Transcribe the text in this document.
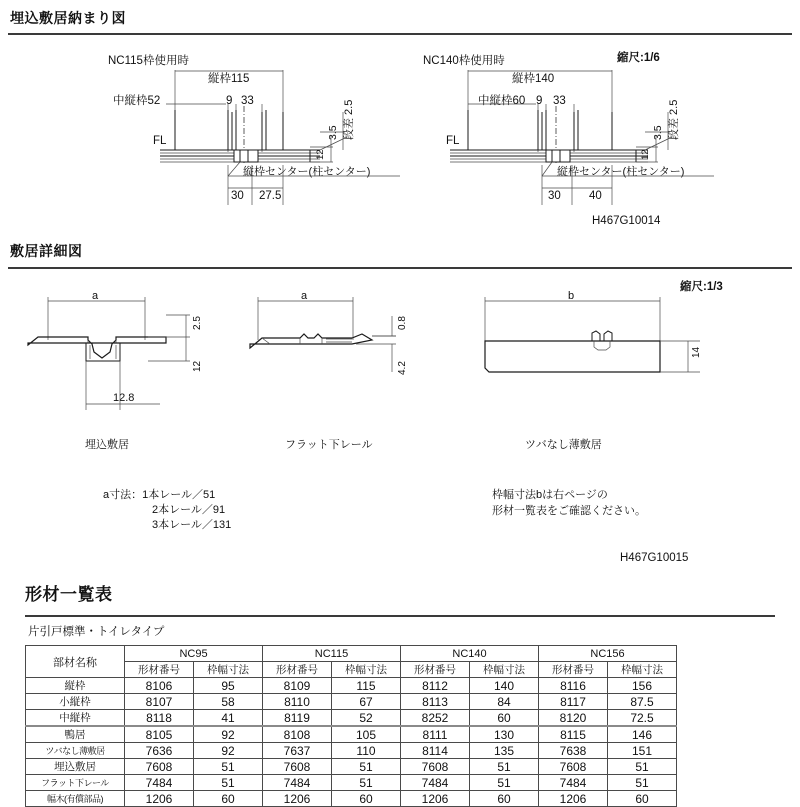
埋込敷居納まり図
縮尺:1/6
H467G10014
NC115枠使用時
縦枠115
中縦枠52	9 33
FL
縦枠センター(柱センター)
30 27.5
段差 2.5
3.5
12
NC140枠使用時
縦枠140
中縦枠60 9 33
FL
縦枠センター(柱センター)
30 40
段差 2.5
3.5
12
敷居詳細図
縮尺:1/3
H467G10015
a
2.5
12
12.8
埋込敷居
a
0.8
4.2
フラット下レール
b
14
ツバなし薄敷居
a寸法：1本レール／51
2本レール／91
3本レール／131
枠幅寸法bは右ページの
形材一覧表をご確認ください。
形材一覧表
片引戸標準・トイレタイプ
部材名称	NC95		NC115		NC140		NC156	
	形材番号	枠幅寸法	形材番号	枠幅寸法	形材番号	枠幅寸法	形材番号	枠幅寸法
縦枠	8106	95	8109	115	8112	140	8116	156
小縦枠	8107	58	8110	67	8113	84	8117	87.5
中縦枠	8118	41	8119	52	8252	60	8120	72.5
鴨居	8105	92	8108	105	8111	130	8115	146
ツバなし薄敷居	7636	92	7637	110	8114	135	7638	151
埋込敷居	7608	51	7608	51	7608	51	7608	51
フラット下レール	7484	51	7484	51	7484	51	7484	51
幅木(有償部品)	1206	60	1206	60	1206	60	1206	60
